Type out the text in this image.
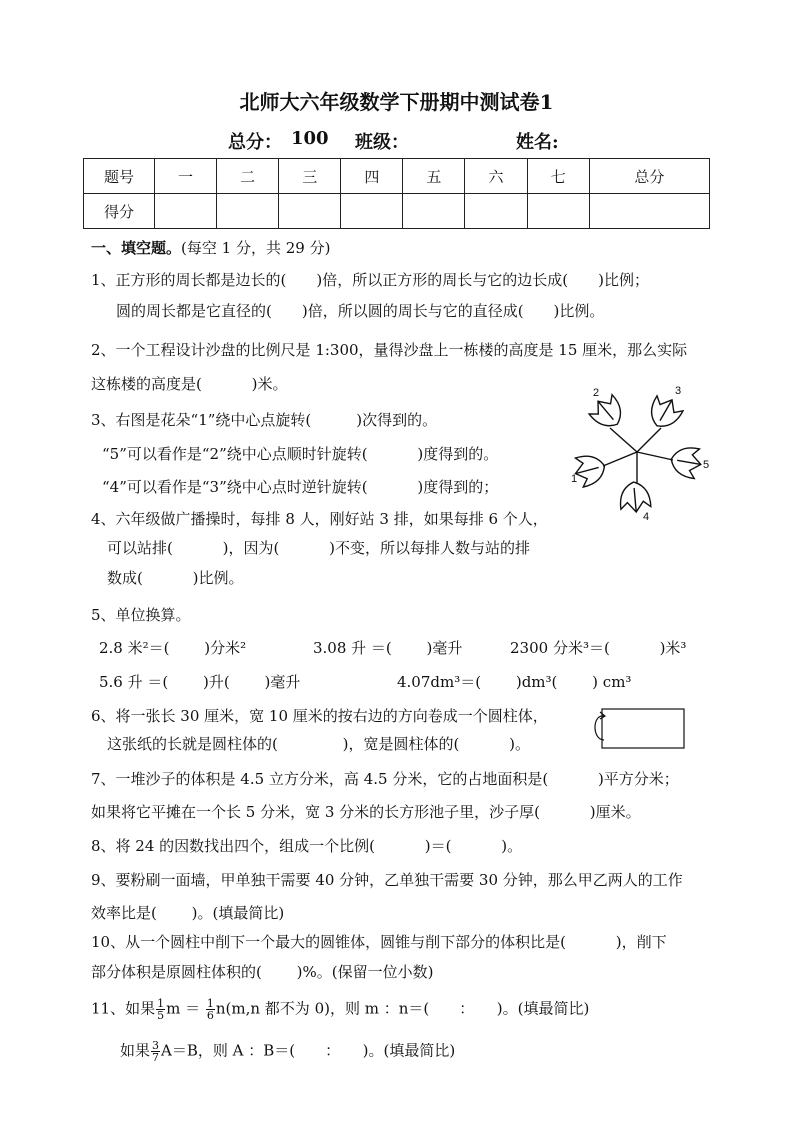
北师大六年级数学下册期中测试卷1
总分： 100 班级：	姓名:
题号	一	二	三	四	五	六	七	总分
得分								
一、填空题。(每空 1 分，共 29 分)
1、正方形的周长都是边长的(　　)倍，所以正方形的周长与它的边长成(　　)比例；
圆的周长都是它直径的(　　)倍，所以圆的周长与它的直径成(　　)比例。
2、一个工程设计沙盘的比例尺是 1:300，量得沙盘上一栋楼的高度是 15 厘米，那么实际
这栋楼的高度是(　　　 )米。
3、右图是花朵“1”绕中心点旋转(　　　)次得到的。
“5”可以看作是“2”绕中心点顺时针旋转(　　　 )度得到的。
“4”可以看作是“3”绕中心点时逆针旋转(　　　 )度得到的；	1
2	3
4
5
4、六年级做广播操时，每排 8 人，刚好站 3 排，如果每排 6 个人，
可以站排(　　　 )，因为(　　　 )不变，所以每排人数与站的排
数成(　　　 )比例。
5、单位换算。
2.8 米²＝(　　 )分米²	3.08 升 ＝(　　 )毫升	2300 分米³＝(　　　 )米³
5.6 升 ＝(　　 )升(　　 )毫升	4.07dm³＝(　　 )dm³(　　 ) cm³
6、将一张长 30 厘米，宽 10 厘米的按右边的方向卷成一个圆柱体，
这张纸的长就是圆柱体的(　　　　 )，宽是圆柱体的(　　　 )。
7、一堆沙子的体积是 4.5 立方分米，高 4.5 分米，它的占地面积是(　　　 )平方分米；
如果将它平摊在一个长 5 分米，宽 3 分米的长方形池子里，沙子厚(　　　 )厘米。
8、将 24 的因数找出四个，组成一个比例(　　　 )＝(　　　 )。
9、要粉刷一面墙，甲单独干需要 40 分钟，乙单独干需要 30 分钟，那么甲乙两人的工作
效率比是(　　 )。(填最简比)
10、从一个圆柱中削下一个最大的圆锥体，圆锥与削下部分的体积比是(　　　 )，削下
部分体积是原圆柱体积的(　　 )%。(保留一位小数)
11、如果 $\frac{1}{5}$ $m = \frac{1}{6} n(m,n$ 都不为 0)，则 m ：n＝(　　：　　)。(填最简比)
如果 $\frac{3}{7} A=B$，则 A ：B＝(　　：　　)。(填最简比)
